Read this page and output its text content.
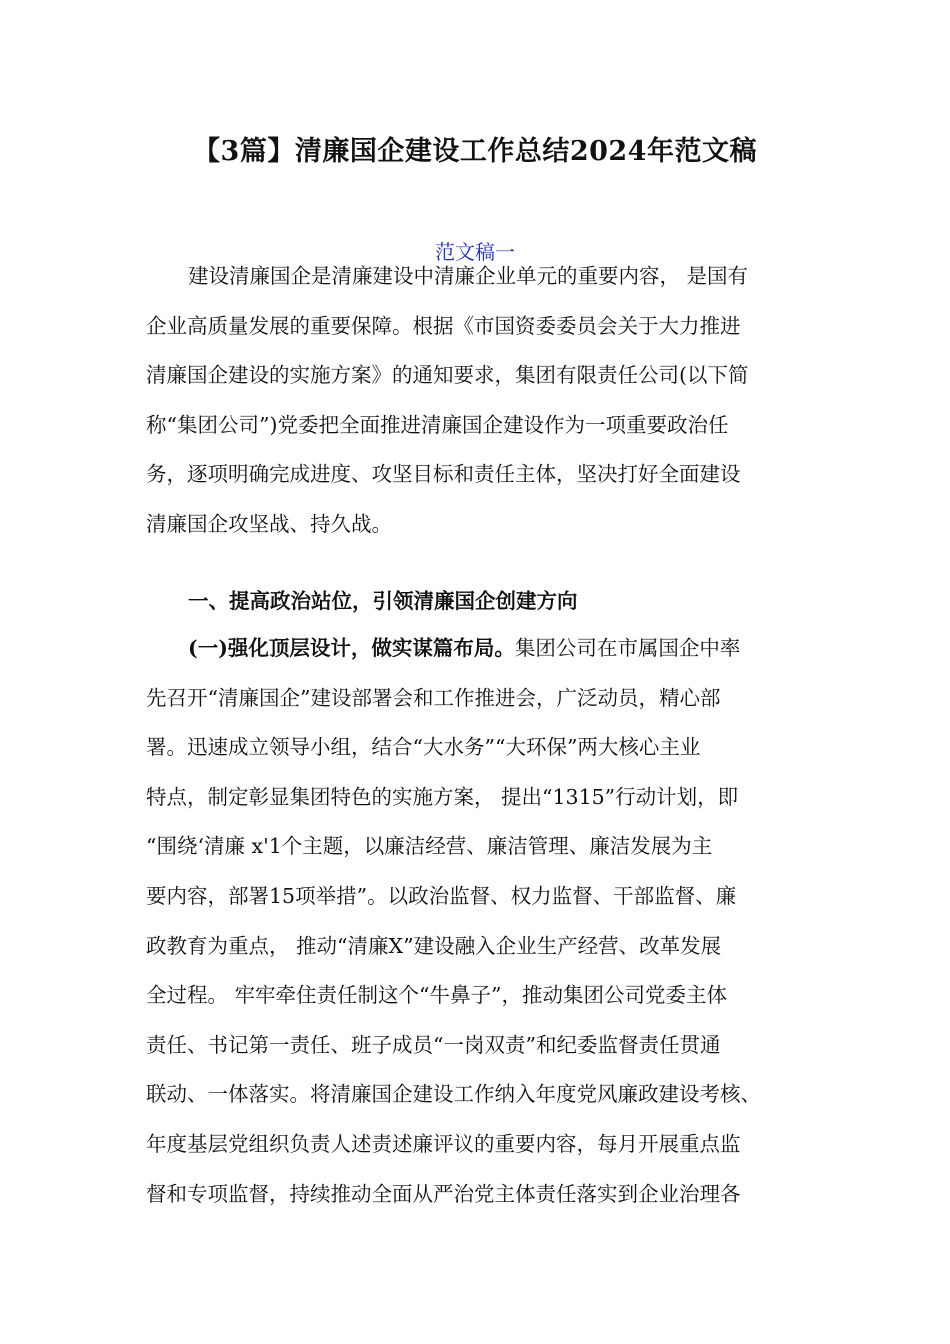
【3篇】清廉国企建设工作总结2024年范文稿
范文稿一
建设清廉国企是清廉建设中清廉企业单元的重要内容， 是国有
企业高质量发展的重要保障。根据《市国资委委员会关于大力推进
清廉国企建设的实施方案》的通知要求，集团有限责任公司(以下简
称“集团公司”)党委把全面推进清廉国企建设作为一项重要政治任
务，逐项明确完成进度、攻坚目标和责任主体，坚决打好全面建设
清廉国企攻坚战、持久战。
一、提高政治站位，引领清廉国企创建方向
(一)强化顶层设计，做实谋篇布局。集团公司在市属国企中率
先召开“清廉国企”建设部署会和工作推进会，广泛动员，精心部
署。迅速成立领导小组，结合“大水务”“大环保”两大核心主业
特点，制定彰显集团特色的实施方案， 提出“1315”行动计划，即
“围绕‘清廉 x'1个主题，以廉洁经营、廉洁管理、廉洁发展为主
要内容，部署15项举措”。以政治监督、权力监督、干部监督、廉
政教育为重点， 推动“清廉X”建设融入企业生产经营、改革发展
全过程。 牢牢牵住责任制这个“牛鼻子”，推动集团公司党委主体
责任、书记第一责任、班子成员“一岗双责”和纪委监督责任贯通
联动、一体落实。将清廉国企建设工作纳入年度党风廉政建设考核、
年度基层党组织负责人述责述廉评议的重要内容，每月开展重点监
督和专项监督，持续推动全面从严治党主体责任落实到企业治理各
